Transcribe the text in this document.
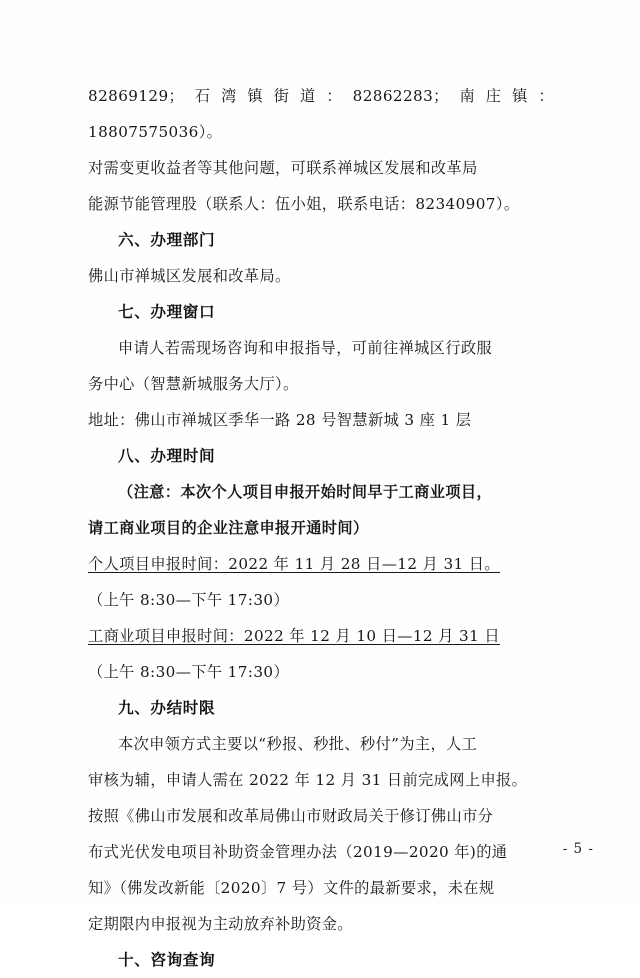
82869129；石湾镇街道：82862283；南庄镇：18807575036）。

对需变更收益者等其他问题，可联系禅城区发展和改革局

能源节能管理股（联系人：伍小姐，联系电话：82340907）。

六、办理部门

佛山市禅城区发展和改革局。

七、办理窗口

申请人若需现场咨询和申报指导，可前往禅城区行政服

务中心（智慧新城服务大厅）。

地址：佛山市禅城区季华一路 28 号智慧新城 3 座 1 层

八、办理时间

（注意：本次个人项目申报开始时间早于工商业项目，

请工商业项目的企业注意申报开通时间）

个人项目申报时间：2022 年 11 月 28 日—12 月 31 日。

（上午 8:30—下午 17:30）

工商业项目申报时间：2022 年 12 月 10 日—12 月 31 日

（上午 8:30—下午 17:30）

九、办结时限

本次申领方式主要以“秒报、秒批、秒付”为主，人工

审核为辅，申请人需在 2022 年 12 月 31 日前完成网上申报。

按照《佛山市发展和改革局佛山市财政局关于修订佛山市分

布式光伏发电项目补助资金管理办法（2019—2020 年)的通

知》（佛发改新能〔2020〕7 号）文件的最新要求，未在规

定期限内申报视为主动放弃补助资金。

十、咨询查询

- 5 -
